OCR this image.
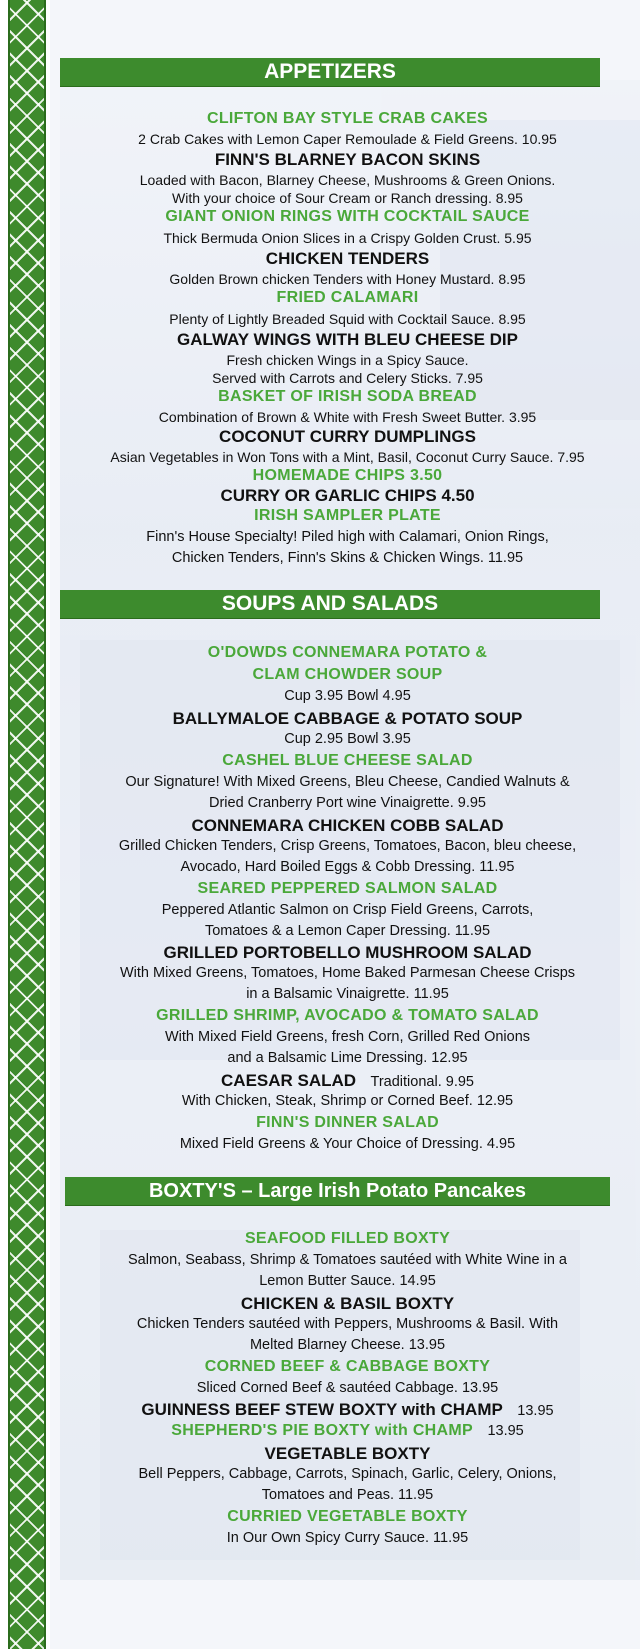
APPETIZERS
CLIFTON BAY STYLE CRAB CAKES
2 Crab Cakes with Lemon Caper Remoulade & Field Greens. 10.95
FINN'S BLARNEY BACON SKINS
Loaded with Bacon, Blarney Cheese, Mushrooms & Green Onions.
With your choice of Sour Cream or Ranch dressing. 8.95
GIANT ONION RINGS WITH COCKTAIL SAUCE
Thick Bermuda Onion Slices in a Crispy Golden Crust. 5.95
CHICKEN TENDERS
Golden Brown chicken Tenders with Honey Mustard. 8.95
FRIED CALAMARI
Plenty of Lightly Breaded Squid with Cocktail Sauce. 8.95
GALWAY WINGS WITH BLEU CHEESE DIP
Fresh chicken Wings in a Spicy Sauce.
Served with Carrots and Celery Sticks. 7.95
BASKET OF IRISH SODA BREAD
Combination of Brown & White with Fresh Sweet Butter. 3.95
COCONUT CURRY DUMPLINGS
Asian Vegetables in Won Tons with a Mint, Basil, Coconut Curry Sauce. 7.95
HOMEMADE CHIPS 3.50
CURRY OR GARLIC CHIPS 4.50
IRISH SAMPLER PLATE
Finn's House Specialty! Piled high with Calamari, Onion Rings,
Chicken Tenders, Finn's Skins & Chicken Wings. 11.95
SOUPS AND SALADS
O'DOWDS CONNEMARA POTATO &
CLAM CHOWDER SOUP
Cup 3.95 Bowl 4.95
BALLYMALOE CABBAGE & POTATO SOUP
Cup 2.95 Bowl 3.95
CASHEL BLUE CHEESE SALAD
Our Signature! With Mixed Greens, Bleu Cheese, Candied Walnuts &
Dried Cranberry Port wine Vinaigrette. 9.95
CONNEMARA CHICKEN COBB SALAD
Grilled Chicken Tenders, Crisp Greens, Tomatoes, Bacon, bleu cheese,
Avocado, Hard Boiled Eggs & Cobb Dressing. 11.95
SEARED PEPPERED SALMON SALAD
Peppered Atlantic Salmon on Crisp Field Greens, Carrots,
Tomatoes & a Lemon Caper Dressing. 11.95
GRILLED PORTOBELLO MUSHROOM SALAD
With Mixed Greens, Tomatoes, Home Baked Parmesan Cheese Crisps
in a Balsamic Vinaigrette. 11.95
GRILLED SHRIMP, AVOCADO & TOMATO SALAD
With Mixed Field Greens, fresh Corn, Grilled Red Onions
and a Balsamic Lime Dressing. 12.95
CAESAR SALAD Traditional. 9.95
With Chicken, Steak, Shrimp or Corned Beef. 12.95
FINN'S DINNER SALAD
Mixed Field Greens & Your Choice of Dressing. 4.95
BOXTY'S – Large Irish Potato Pancakes
SEAFOOD FILLED BOXTY
Salmon, Seabass, Shrimp & Tomatoes sautéed with White Wine in a
Lemon Butter Sauce. 14.95
CHICKEN & BASIL BOXTY
Chicken Tenders sautéed with Peppers, Mushrooms & Basil. With
Melted Blarney Cheese. 13.95
CORNED BEEF & CABBAGE BOXTY
Sliced Corned Beef & sautéed Cabbage. 13.95
GUINNESS BEEF STEW BOXTY with CHAMP 13.95
SHEPHERD'S PIE BOXTY with CHAMP 13.95
VEGETABLE BOXTY
Bell Peppers, Cabbage, Carrots, Spinach, Garlic, Celery, Onions,
Tomatoes and Peas. 11.95
CURRIED VEGETABLE BOXTY
In Our Own Spicy Curry Sauce. 11.95
